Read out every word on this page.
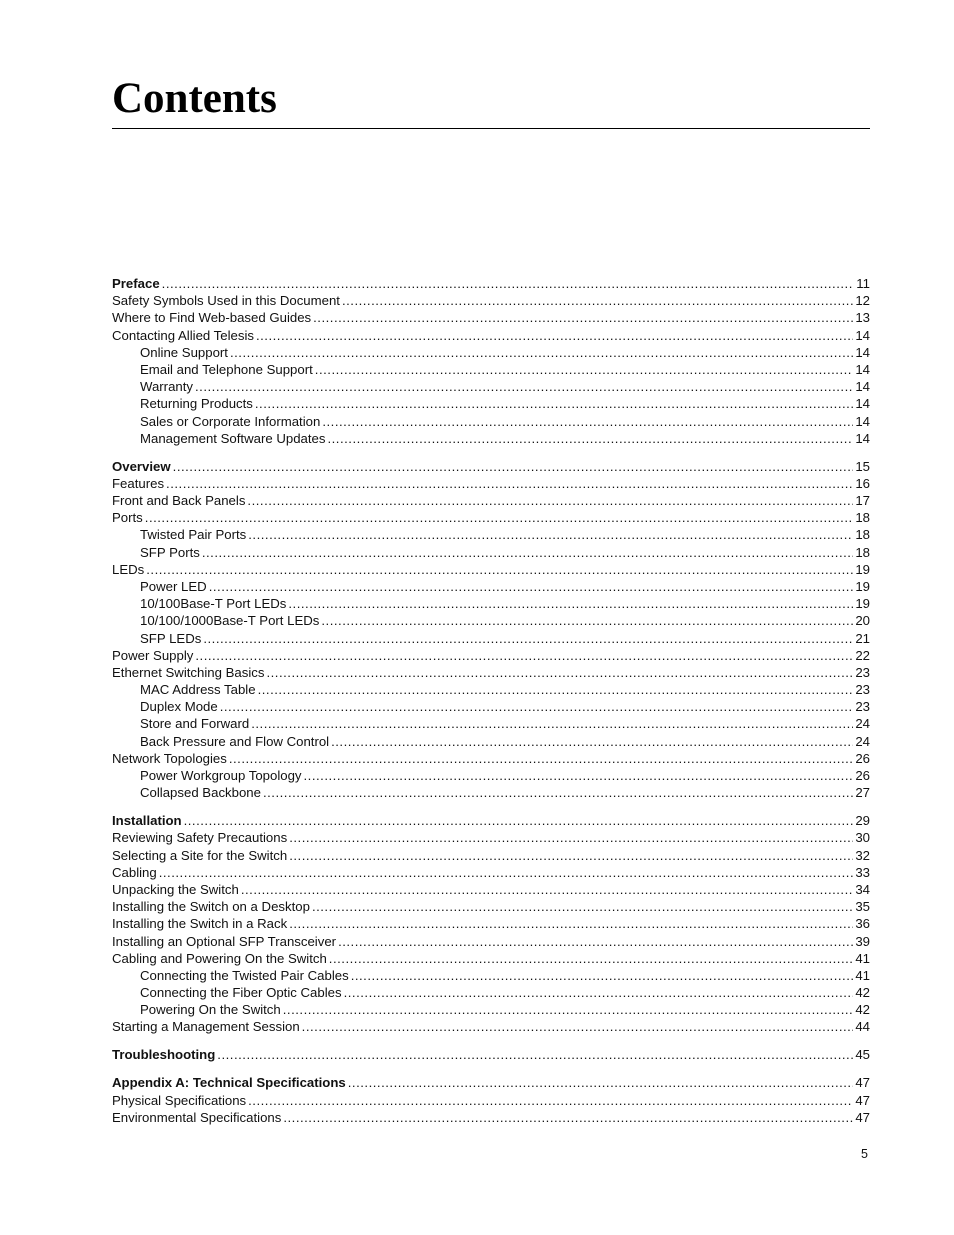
Contents
Preface .....	11
Safety Symbols Used in this Document .....	12
Where to Find Web-based Guides .....	13
Contacting Allied Telesis .....	14
Online Support .....	14
Email and Telephone Support .....	14
Warranty .....	14
Returning Products .....	14
Sales or Corporate Information .....	14
Management Software Updates .....	14
Overview .....	15
Features .....	16
Front and Back Panels .....	17
Ports .....	18
Twisted Pair Ports .....	18
SFP Ports .....	18
LEDs .....	19
Power LED .....	19
10/100Base-T Port LEDs .....	19
10/100/1000Base-T Port LEDs .....	20
SFP LEDs .....	21
Power Supply .....	22
Ethernet Switching Basics .....	23
MAC Address Table .....	23
Duplex Mode .....	23
Store and Forward .....	24
Back Pressure and Flow Control .....	24
Network Topologies .....	26
Power Workgroup Topology .....	26
Collapsed Backbone .....	27
Installation .....	29
Reviewing Safety Precautions .....	30
Selecting a Site for the Switch .....	32
Cabling .....	33
Unpacking the Switch .....	34
Installing the Switch on a Desktop .....	35
Installing the Switch in a Rack .....	36
Installing an Optional SFP Transceiver .....	39
Cabling and Powering On the Switch .....	41
Connecting the Twisted Pair Cables .....	41
Connecting the Fiber Optic Cables .....	42
Powering On the Switch .....	42
Starting a Management Session .....	44
Troubleshooting .....	45
Appendix A: Technical Specifications .....	47
Physical Specifications .....	47
Environmental Specifications .....	47
5
